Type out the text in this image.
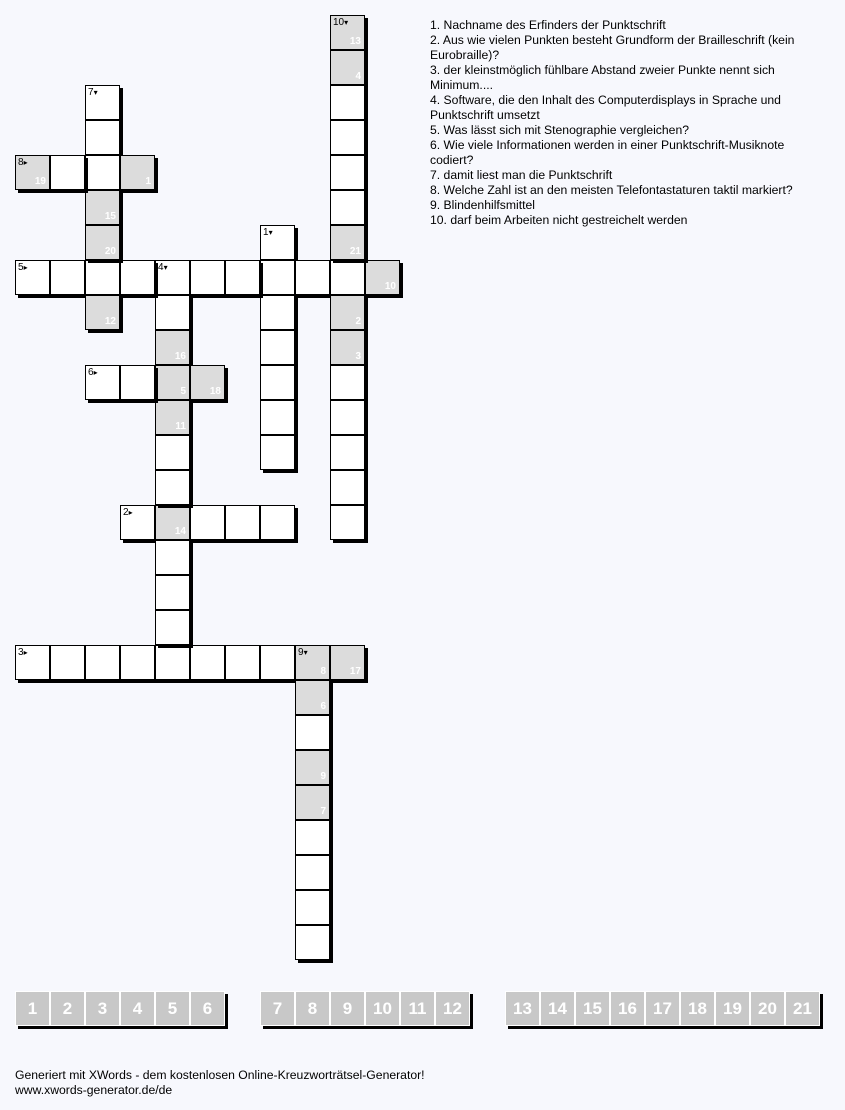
1▾
2▸
14
3▸
8
9▾
17
4▾
16
5
11
5▸
10
6▸
18
7▾
15
20
12
19
8▸
1
6
9
7
13
10▾
4
21
2
3
1. Nachname des Erfinders der Punktschrift
2. Aus wie vielen Punkten besteht Grundform der Brailleschrift (kein Eurobraille)?
3. der kleinstmöglich fühlbare Abstand zweier Punkte nennt sich Minimum....
4. Software, die den Inhalt des Computerdisplays in Sprache und Punktschrift umsetzt
5. Was lässt sich mit Stenographie vergleichen?
6. Wie viele Informationen werden in einer Punktschrift-Musiknote codiert?
7. damit liest man die Punktschrift
8. Welche Zahl ist an den meisten Telefontastaturen taktil markiert?
9. Blindenhilfsmittel
10. darf beim Arbeiten nicht gestreichelt werden
1	2	3	4	5	6	7	8	9	10 11 12	13 14 15 16 17 18 19 20 21
Generiert mit XWords - dem kostenlosen Online-Kreuzworträtsel-Generator!
www.xwords-generator.de/de
